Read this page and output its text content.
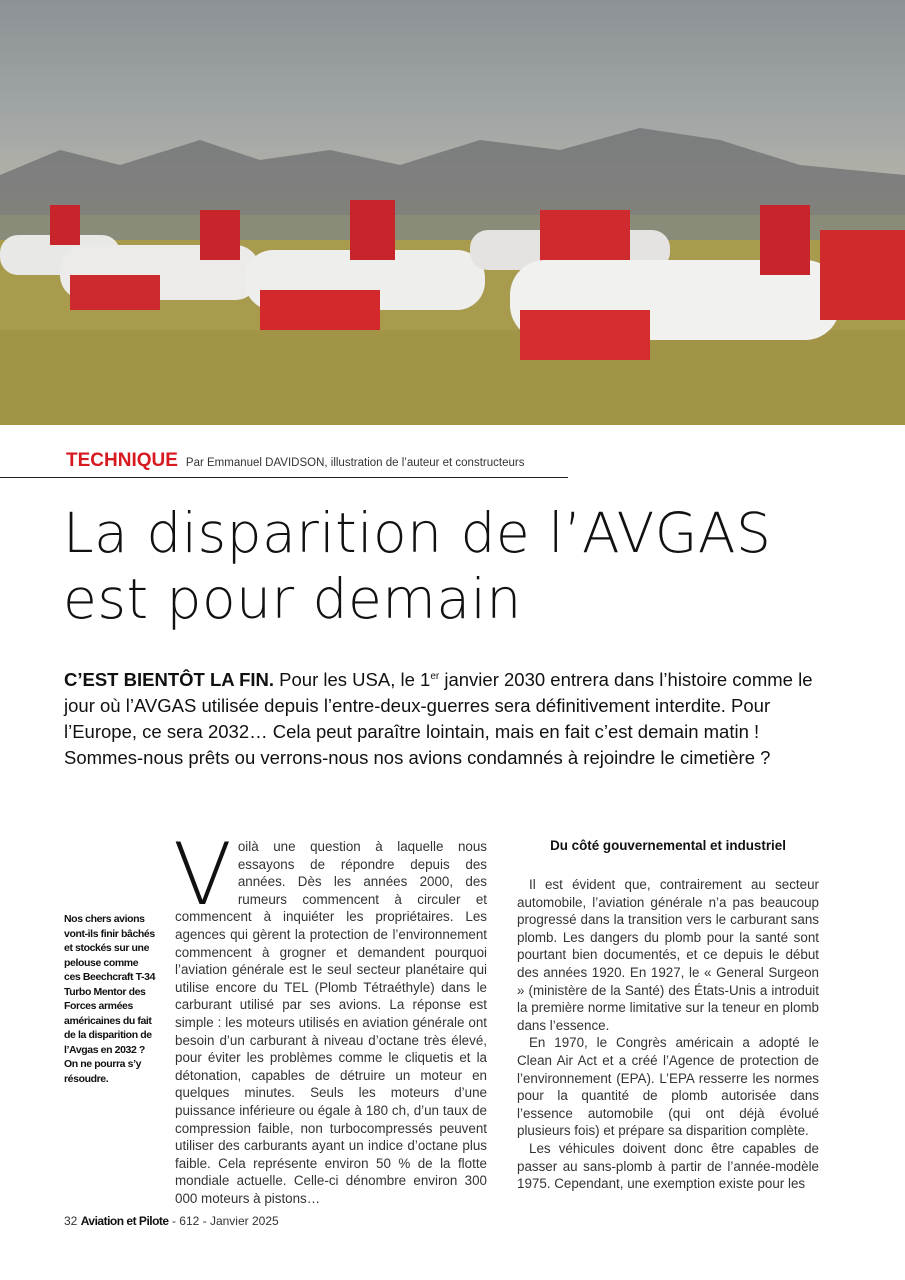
TECHNIQUE Par Emmanuel DAVIDSON, illustration de l’auteur et constructeurs
La disparition de l’AVGAS
est pour demain

C’EST BIENTÔT LA FIN. Pour les USA, le 1er janvier 2030 entrera dans l’histoire comme le jour où l’AVGAS utilisée depuis l’entre-deux-guerres sera définitivement interdite. Pour l’Europe, ce sera 2032… Cela peut paraître lointain, mais en fait c’est demain matin ! Sommes-nous prêts ou verrons-nous nos avions condamnés à rejoindre le cimetière ?

Nos chers avions vont-ils finir bâchés et stockés sur une pelouse comme ces Beechcraft T-34 Turbo Mentor des Forces armées américaines du fait de la disparition de l’Avgas en 2032 ? On ne pourra s’y résoudre.

V oilà une question à laquelle nous essayons de répondre depuis des années. Dès les années 2000, des rumeurs commencent à circuler et commencent à inquiéter les propriétaires. Les agences qui gèrent la protection de l’environnement commencent à grogner et demandent pourquoi l’aviation générale est le seul secteur planétaire qui utilise encore du TEL (Plomb Tétraéthyle) dans le carburant utilisé par ses avions. La réponse est simple : les moteurs utilisés en aviation générale ont besoin d’un carburant à niveau d’octane très élevé, pour éviter les problèmes comme le cliquetis et la détonation, capables de détruire un moteur en quelques minutes. Seuls les moteurs d’une puissance inférieure ou égale à 180 ch, d’un taux de compression faible, non turbocompressés peuvent utiliser des carburants ayant un indice d’octane plus faible. Cela représente environ 50 % de la flotte mondiale actuelle. Celle-ci dénombre environ 300 000 moteurs à pistons…
Du côté gouvernemental et industriel

Il est évident que, contrairement au secteur automobile, l’aviation générale n’a pas beaucoup progressé dans la transition vers le carburant sans plomb. Les dangers du plomb pour la santé sont pourtant bien documentés, et ce depuis le début des années 1920. En 1927, le « General Surgeon » (ministère de la Santé) des États-Unis a introduit la première norme limitative sur la teneur en plomb dans l’essence.

En 1970, le Congrès américain a adopté le Clean Air Act et a créé l’Agence de protection de l’environnement (EPA). L’EPA resserre les normes pour la quantité de plomb autorisée dans l’essence automobile (qui ont déjà évolué plusieurs fois) et prépare sa disparition complète.

Les véhicules doivent donc être capables de passer au sans-plomb à partir de l’année-modèle 1975. Cependant, une exemption existe pour les

32 Aviation et Pilote - 612 - Janvier 2025
